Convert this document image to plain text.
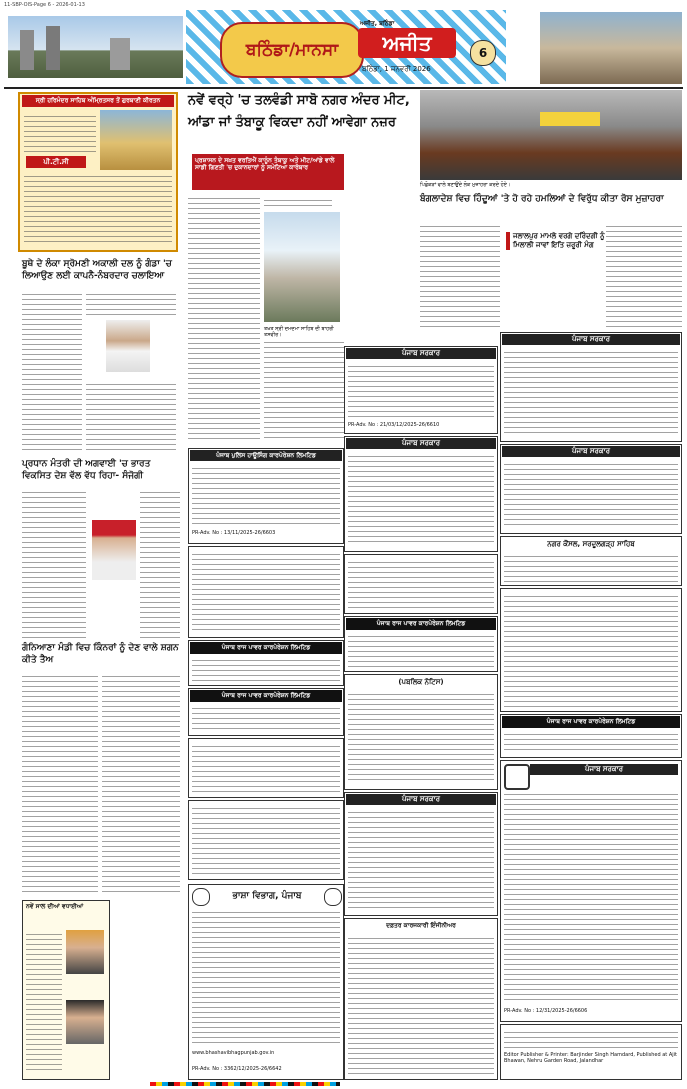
11-SBP-OIS-Page 6 - 2026-01-13
ਬਠਿੰਡਾ/ਮਾਨਸਾ
ਅਜੀਤ, ਬਠਿੰਡਾ
ਅਜੀਤ
ਬਠਿੰਡਾ, 1 ਜਨਵਰੀ 2026
6
ਸ੍ਰੀ ਹਰਿਮੰਦਰ ਸਾਹਿਬ ਅੰਮ੍ਰਿਤਸਰ ਤੋਂ ਗੁਰਬਾਣੀ ਕੀਰਤਨ
ਪੀ.ਟੀ.ਸੀ
ਬੂਥੇ ਦੇ ਲੰਕਾ ਸ੍ਰੋਮਣੀ ਅਕਾਲੀ ਦਲ ਨੂੰ ਗੰਡਾ 'ਚ ਲਿਆਉਣ ਲਈ ਕਾਪਨੈ-ਨੰਬਰਦਾਰ ਚਲਾਇਆ
ਪ੍ਰਧਾਨ ਮੰਤਰੀ ਦੀ ਅਗਵਾਈ 'ਚ ਭਾਰਤ ਵਿਕਸਿਤ ਦੇਸ਼ ਵੱਲ ਵੱਧ ਰਿਹਾ- ਸੰਜੋਗੀ
ਗੰਨਿਆਣਾ ਮੰਡੀ ਵਿਚ ਕਿੰਨਰਾਂ ਨੂੰ ਦੇਣ ਵਾਲੇ ਸ਼ਗਨ ਕੀਤੇ ਤੈਅ
ਨਵੇਂ ਸਾਲ ਦੀਆਂ ਵਧਾਈਆਂ
ਨਵੇਂ ਵਰ੍ਹੇ 'ਚ ਤਲਵੰਡੀ ਸਾਬੋ ਨਗਰ ਅੰਦਰ ਮੀਟ,
ਆਂਡਾ ਜਾਂ ਤੰਬਾਕੂ ਵਿਕਦਾ ਨਹੀਂ ਆਵੇਗਾ ਨਜ਼ਰ
ਪ੍ਰਸ਼ਾਸਨ ਦੇ ਸਖ਼ਤ ਵਰਤਿਐਂ ਕਾਨੂੰਨ ਤੰਬਾਕੂ ਅਤੇ ਮੀਟ/ਆਂਡੇ ਵਾਲੇ ਸਾਡੀ ਗਿਣਤੀ 'ਚ ਦੁਕਾਨਦਾਰਾਂ ਨੂੰ ਸਮੇਟਿਆ ਕਾਰੋਬਾਰ
ਤਖ਼ਤ ਸ੍ਰੀ ਦਮਦਮਾ ਸਾਹਿਬ ਦੀ ਬਾਹਰੀ ਤਸਵੀਰ।
ਪਿਛੋਕੜਾਂ ਵਾਲੇ ਬਣਾਉਂਦੇ ਲੋਕ ਮੁਜ਼ਾਹਰਾ ਕਰਦੇ ਹੋਏ।
ਬੰਗਲਾਦੇਸ਼ ਵਿਚ ਹਿੰਦੂਆਂ 'ਤੇ ਹੋ ਰਹੇ ਹਮਲਿਆਂ ਦੇ ਵਿਰੁੱਧ ਕੀਤਾ ਰੋਸ ਮੁਜ਼ਾਹਰਾ
ਜਲਾਲਪੁਰ ਮਾਮਲੇ ਵਰਗੇ ਦਰਿੰਦਗੀ ਨੂੰ ਮਿਲਾਲੀ ਜਾਵਾਂ ਇਤਿ ਜ਼ਰੂਰੀ ਮੰਗ
ਪੰਜਾਬ ਪੁਲਿਸ ਹਾਊਸਿੰਗ ਕਾਰਪੋਰੇਸ਼ਨ ਲਿਮਟਿਡ
PR-Adv. No : 13/11/2025-26/6603
ਪੰਜਾਬ ਸਰਕਾਰ
PR-Adv. No : 21/03/12/2025-26/6610
ਪੰਜਾਬ ਸਰਕਾਰ
ਪੰਜਾਬ ਰਾਜ ਪਾਵਰ ਕਾਰਪੋਰੇਸ਼ਨ ਲਿਮਟਿਡ
ਪੰਜਾਬ ਰਾਜ ਪਾਵਰ ਕਾਰਪੋਰੇਸ਼ਨ ਲਿਮਟਿਡ
ਪੰਜਾਬ ਰਾਜ ਪਾਵਰ ਕਾਰਪੋਰੇਸ਼ਨ ਲਿਮਟਿਡ
(ਪਬਲਿਕ ਨੋਟਿਸ)
ਪੰਜਾਬ ਸਰਕਾਰ
ਭਾਸ਼ਾ ਵਿਭਾਗ, ਪੰਜਾਬ
www.bhashavibhagpunjab.gov.in
PR-Adv. No : 3362/12/2025-26/6642
ਦਫ਼ਤਰ ਕਾਰਜਕਾਰੀ ਇੰਜੀਨੀਅਰ
ਪੰਜਾਬ ਸਰਕਾਰ
ਪੰਜਾਬ ਸਰਕਾਰ
ਨਗਰ ਕੌਂਸਲ, ਸਰਦੂਲਗੜ੍ਹ ਸਾਹਿਬ
ਪੰਜਾਬ ਰਾਜ ਪਾਵਰ ਕਾਰਪੋਰੇਸ਼ਨ ਲਿਮਟਿਡ
ਪੰਜਾਬ ਸਰਕਾਰ
PR-Adv. No : 12/31/2025-26/6606
Editor Publisher & Printer: Barjinder Singh Hamdard, Published at Ajit Bhawan, Nehru Garden Road, Jalandhar
